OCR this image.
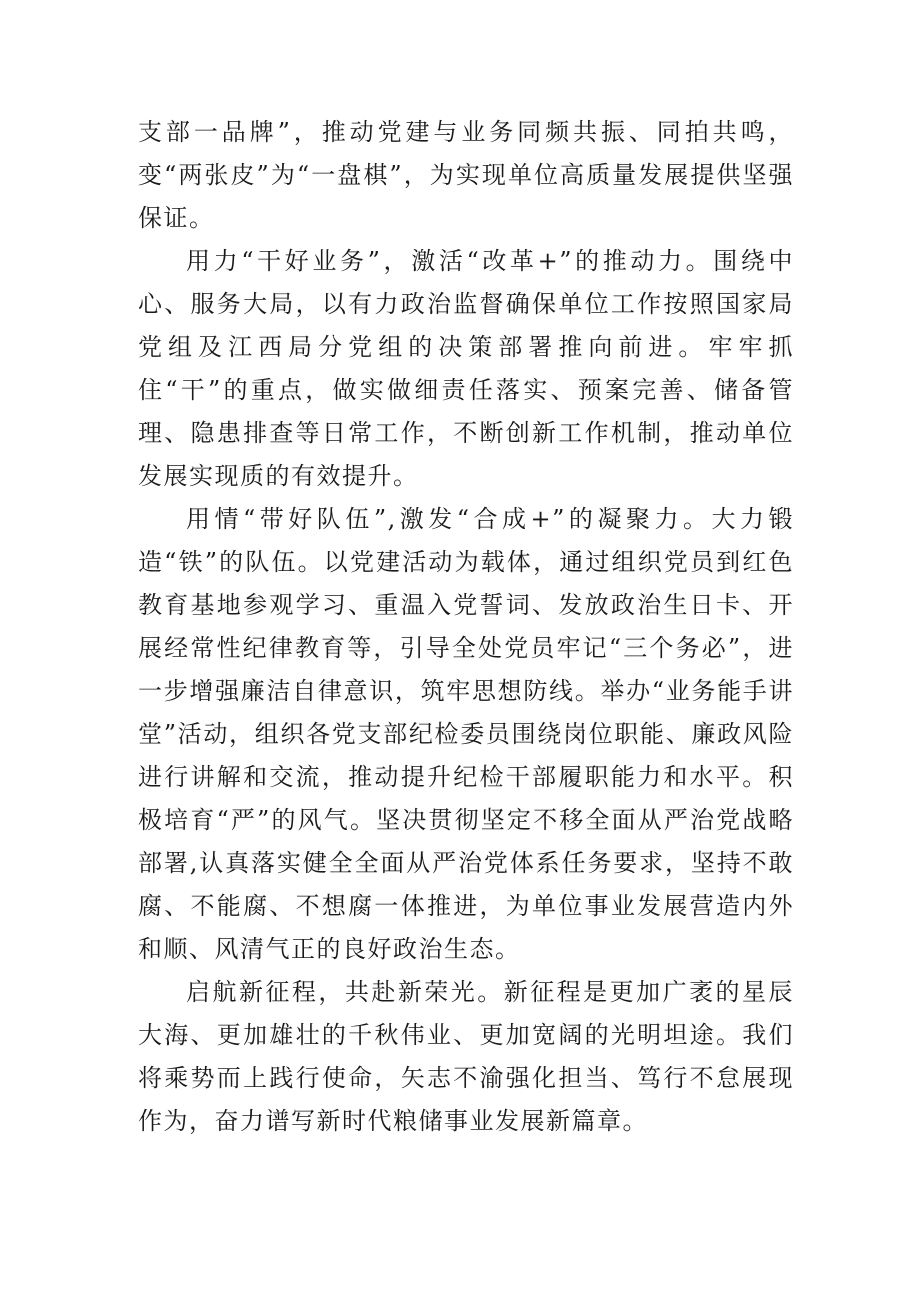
支部一品牌”，推动党建与业务同频共振、同拍共鸣，变“两张皮”为“一盘棋”，为实现单位高质量发展提供坚强保证。

用力“干好业务”，激活“改革+”的推动力。围绕中心、服务大局，以有力政治监督确保单位工作按照国家局党组及江西局分党组的决策部署推向前进。牢牢抓住“干”的重点，做实做细责任落实、预案完善、储备管理、隐患排查等日常工作，不断创新工作机制，推动单位发展实现质的有效提升。

用情“带好队伍”,激发“合成+”的凝聚力。大力锻造“铁”的队伍。以党建活动为载体，通过组织党员到红色教育基地参观学习、重温入党誓词、发放政治生日卡、开展经常性纪律教育等，引导全处党员牢记“三个务必”，进一步增强廉洁自律意识，筑牢思想防线。举办“业务能手讲堂”活动，组织各党支部纪检委员围绕岗位职能、廉政风险进行讲解和交流，推动提升纪检干部履职能力和水平。积极培育“严”的风气。坚决贯彻坚定不移全面从严治党战略部署,认真落实健全全面从严治党体系任务要求，坚持不敢腐、不能腐、不想腐一体推进，为单位事业发展营造内外和顺、风清气正的良好政治生态。

启航新征程，共赴新荣光。新征程是更加广袤的星辰大海、更加雄壮的千秋伟业、更加宽阔的光明坦途。我们将乘势而上践行使命，矢志不渝强化担当、笃行不怠展现作为，奋力谱写新时代粮储事业发展新篇章。
